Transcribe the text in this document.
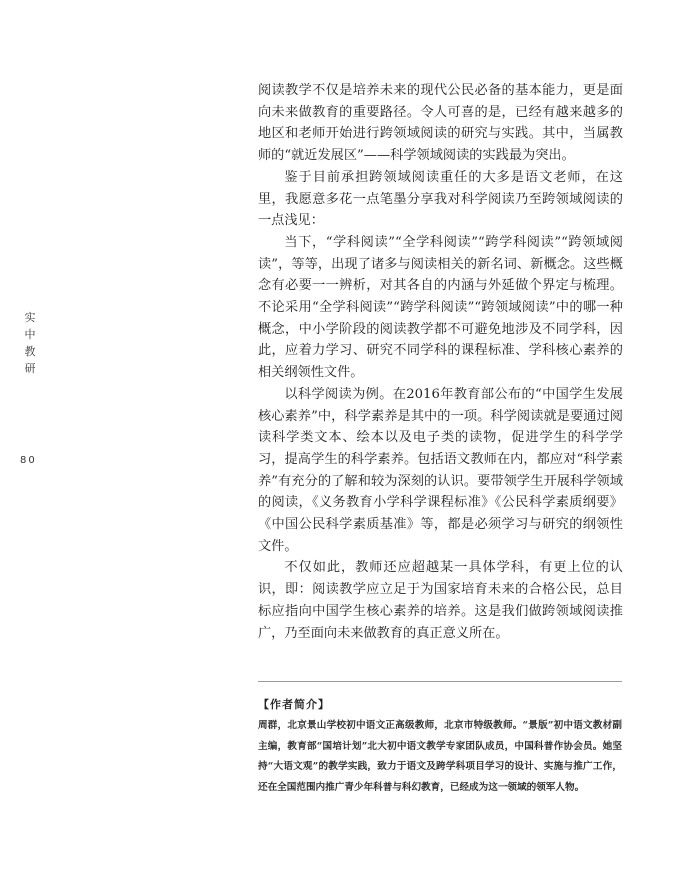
实
中
教
研
80

阅读教学不仅是培养未来的现代公民必备的基本能力，更是面向未来做教育的重要路径。令人可喜的是，已经有越来越多的地区和老师开始进行跨领域阅读的研究与实践。其中，当属教师的“就近发展区”——科学领域阅读的实践最为突出。

鉴于目前承担跨领域阅读重任的大多是语文老师，在这里，我愿意多花一点笔墨分享我对科学阅读乃至跨领域阅读的一点浅见：

当下，“学科阅读”“全学科阅读”“跨学科阅读”“跨领域阅读”，等等，出现了诸多与阅读相关的新名词、新概念。这些概念有必要一一辨析，对其各自的内涵与外延做个界定与梳理。不论采用“全学科阅读”“跨学科阅读”“跨领域阅读”中的哪一种概念，中小学阶段的阅读教学都不可避免地涉及不同学科，因此，应着力学习、研究不同学科的课程标准、学科核心素养的相关纲领性文件。

以科学阅读为例。在2016年教育部公布的“中国学生发展核心素养”中，科学素养是其中的一项。科学阅读就是要通过阅读科学类文本、绘本以及电子类的读物，促进学生的科学学习，提高学生的科学素养。包括语文教师在内，都应对“科学素养”有充分的了解和较为深刻的认识。要带领学生开展科学领域的阅读，《义务教育小学科学课程标准》《公民科学素质纲要》《中国公民科学素质基准》等，都是必须学习与研究的纲领性文件。

不仅如此，教师还应超越某一具体学科，有更上位的认识，即：阅读教学应立足于为国家培育未来的合格公民，总目标应指向中国学生核心素养的培养。这是我们做跨领域阅读推广，乃至面向未来做教育的真正意义所在。

【作者简介】
周群，北京景山学校初中语文正高级教师，北京市特级教师。“景版”初中语文教材副主编，教育部“国培计划”北大初中语文教学专家团队成员，中国科普作协会员。她坚持“大语文观”的教学实践，致力于语文及跨学科项目学习的设计、实施与推广工作，还在全国范围内推广青少年科普与科幻教育，已经成为这一领域的领军人物。
